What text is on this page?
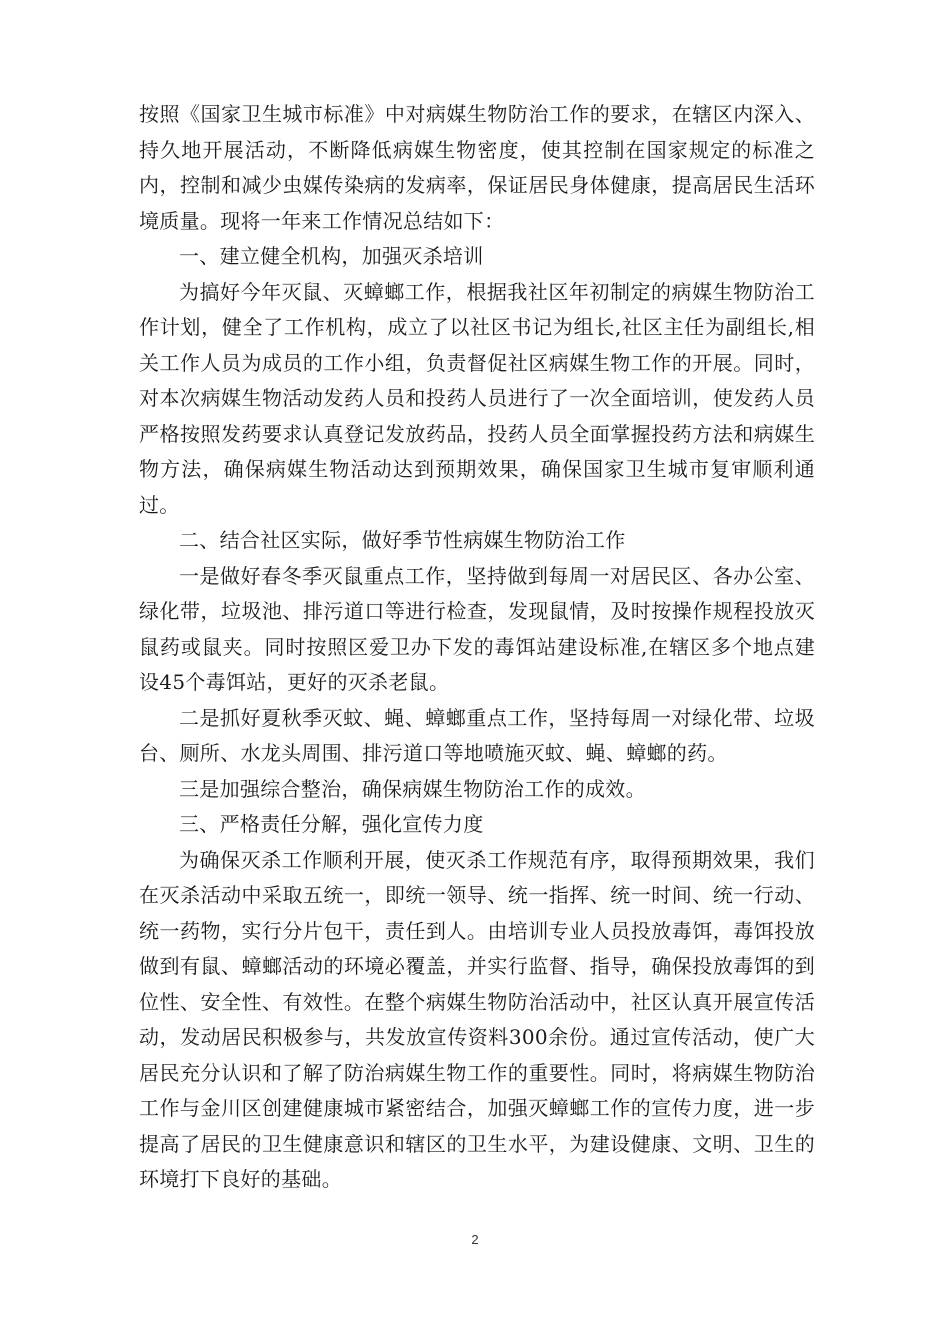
按照《国家卫生城市标准》中对病媒生物防治工作的要求，在辖区内深入、持久地开展活动，不断降低病媒生物密度，使其控制在国家规定的标准之内，控制和减少虫媒传染病的发病率，保证居民身体健康，提高居民生活环境质量。现将一年来工作情况总结如下：

一、建立健全机构，加强灭杀培训

为搞好今年灭鼠、灭蟑螂工作，根据我社区年初制定的病媒生物防治工作计划，健全了工作机构，成立了以社区书记为组长,社区主任为副组长,相关工作人员为成员的工作小组，负责督促社区病媒生物工作的开展。同时，对本次病媒生物活动发药人员和投药人员进行了一次全面培训，使发药人员严格按照发药要求认真登记发放药品，投药人员全面掌握投药方法和病媒生物方法，确保病媒生物活动达到预期效果，确保国家卫生城市复审顺利通过。

二、结合社区实际，做好季节性病媒生物防治工作

一是做好春冬季灭鼠重点工作，坚持做到每周一对居民区、各办公室、绿化带，垃圾池、排污道口等进行检查，发现鼠情，及时按操作规程投放灭鼠药或鼠夹。同时按照区爱卫办下发的毒饵站建设标准,在辖区多个地点建设45个毒饵站，更好的灭杀老鼠。

二是抓好夏秋季灭蚊、蝇、蟑螂重点工作，坚持每周一对绿化带、垃圾台、厕所、水龙头周围、排污道口等地喷施灭蚊、蝇、蟑螂的药。

三是加强综合整治，确保病媒生物防治工作的成效。

三、严格责任分解，强化宣传力度

为确保灭杀工作顺利开展，使灭杀工作规范有序，取得预期效果，我们在灭杀活动中采取五统一，即统一领导、统一指挥、统一时间、统一行动、统一药物，实行分片包干，责任到人。由培训专业人员投放毒饵，毒饵投放做到有鼠、蟑螂活动的环境必覆盖，并实行监督、指导，确保投放毒饵的到位性、安全性、有效性。在整个病媒生物防治活动中，社区认真开展宣传活动，发动居民积极参与，共发放宣传资料300余份。通过宣传活动，使广大居民充分认识和了解了防治病媒生物工作的重要性。同时，将病媒生物防治工作与金川区创建健康城市紧密结合，加强灭蟑螂工作的宣传力度，进一步提高了居民的卫生健康意识和辖区的卫生水平，为建设健康、文明、卫生的环境打下良好的基础。

2
